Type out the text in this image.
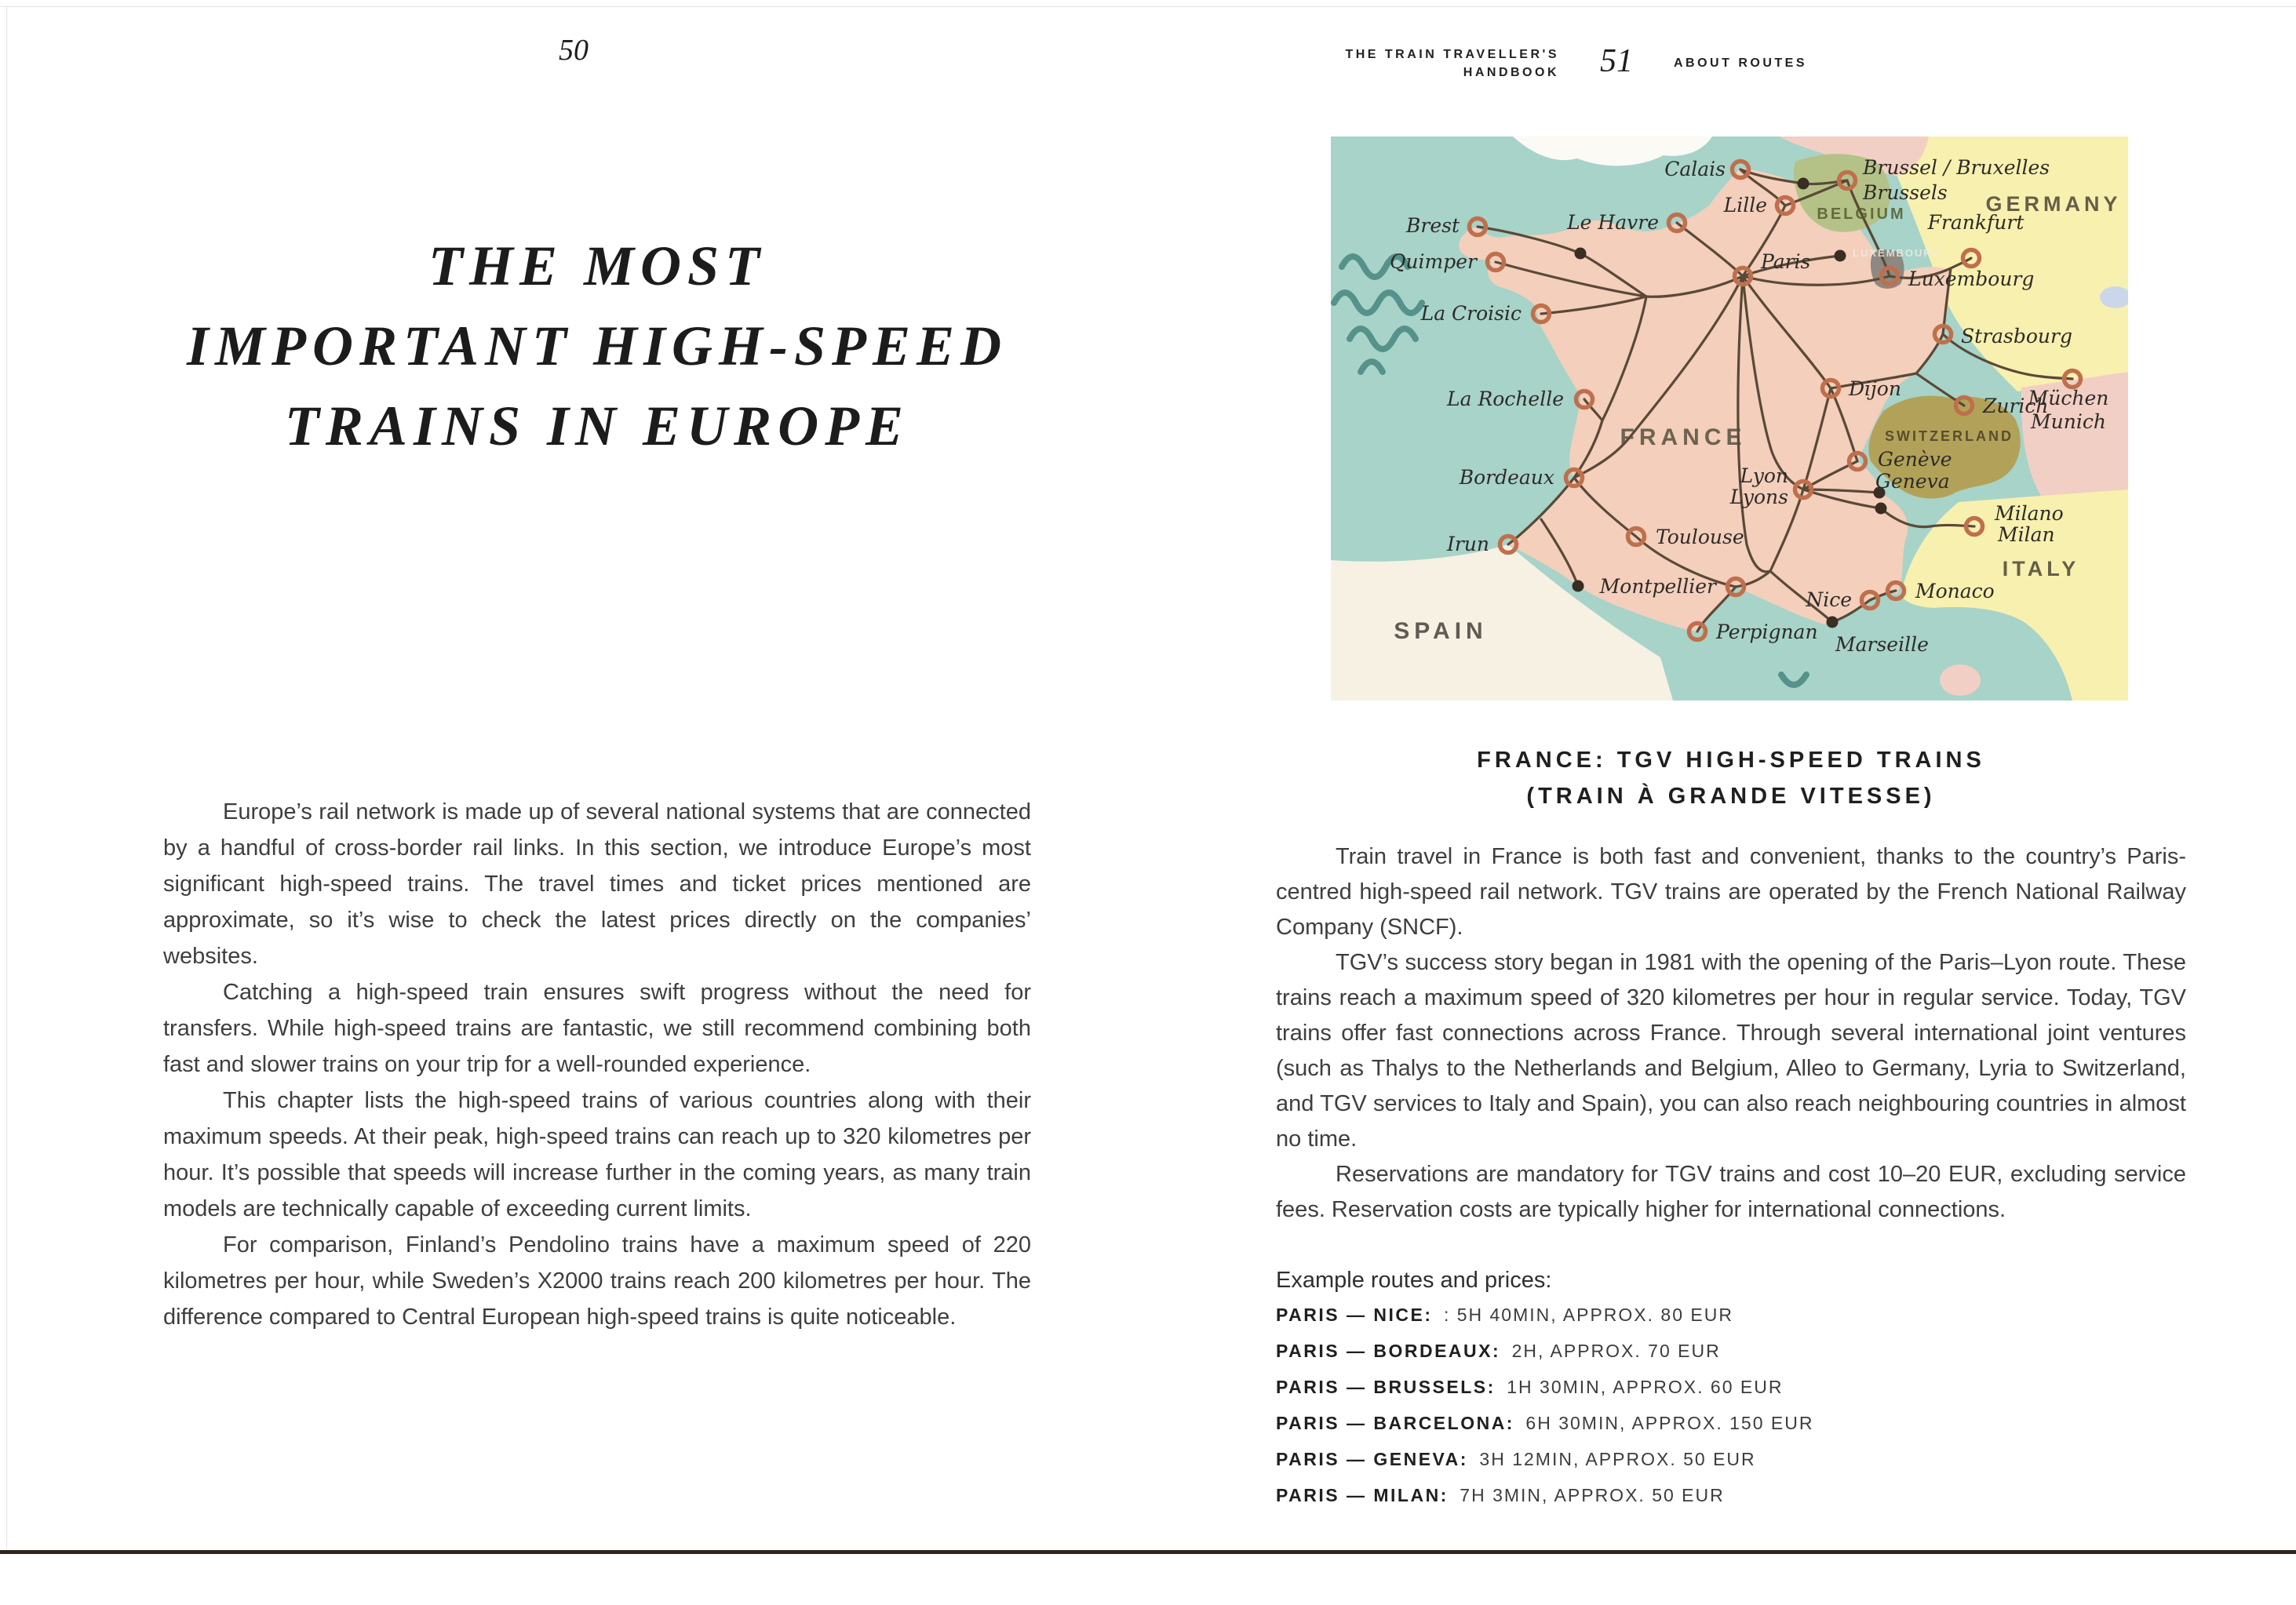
50
THE MOST
IMPORTANT HIGH-SPEED
TRAINS IN EUROPE

Europe’s rail network is made up of several national systems that are connected by a handful of cross-border rail links. In this section, we introduce Europe’s most significant high-speed trains. The travel times and ticket prices mentioned are approximate, so it’s wise to check the latest prices directly on the companies’ websites.

Catching a high-speed train ensures swift progress without the need for transfers. While high-speed trains are fantastic, we still recommend combining both fast and slower trains on your trip for a well-rounded experience.

This chapter lists the high-speed trains of various countries along with their maximum speeds. At their peak, high-speed trains can reach up to 320 kilometres per hour. It’s possible that speeds will increase further in the coming years, as many train models are technically capable of exceeding current limits.

For comparison, Finland’s Pendolino trains have a maximum speed of 220 kilometres per hour, while Sweden’s X2000 trains reach 200 kilometres per hour. The difference compared to Central European high-speed trains is quite noticeable.

THE TRAIN TRAVELLER'S
HANDBOOK	51	ABOUT ROUTES
Calais	Brussel / Bruxelles
Brussels
Lille
Le Havre
Brest
Quimper
Frankfurt
Luxembourg
Paris
La Croisic
Strasbourg
Dijon
Zurich
Müchen
Munich
La Rochelle
Genève
Geneva
Lyon
Lyons
Bordeaux
Milano
Milan
Irun	Toulouse
Montpellier
Nice	Monaco
Perpignan
Marseille
FRANCE
SPAIN
GERMANY
ITALY
BELGIUM
LUXEMBOURG
SWITZERLAND
FRANCE: TGV HIGH-SPEED TRAINS
(TRAIN À GRANDE VITESSE)

Train travel in France is both fast and convenient, thanks to the country’s Paris-centred high-speed rail network. TGV trains are operated by the French National Railway Company (SNCF).

TGV’s success story began in 1981 with the opening of the Paris–Lyon route. These trains reach a maximum speed of 320 kilometres per hour in regular service. Today, TGV trains offer fast connections across France. Through several international joint ventures (such as Thalys to the Netherlands and Belgium, Alleo to Germany, Lyria to Switzerland, and TGV services to Italy and Spain), you can also reach neighbouring countries in almost no time.

Reservations are mandatory for TGV trains and cost 10–20 EUR, excluding service fees. Reservation costs are typically higher for international connections.

Example routes and prices:
PARIS — NICE: : 5H 40MIN, APPROX. 80 EUR
PARIS — BORDEAUX: 2H, APPROX. 70 EUR
PARIS — BRUSSELS: 1H 30MIN, APPROX. 60 EUR
PARIS — BARCELONA: 6H 30MIN, APPROX. 150 EUR
PARIS — GENEVA: 3H 12MIN, APPROX. 50 EUR
PARIS — MILAN: 7H 3MIN, APPROX. 50 EUR
